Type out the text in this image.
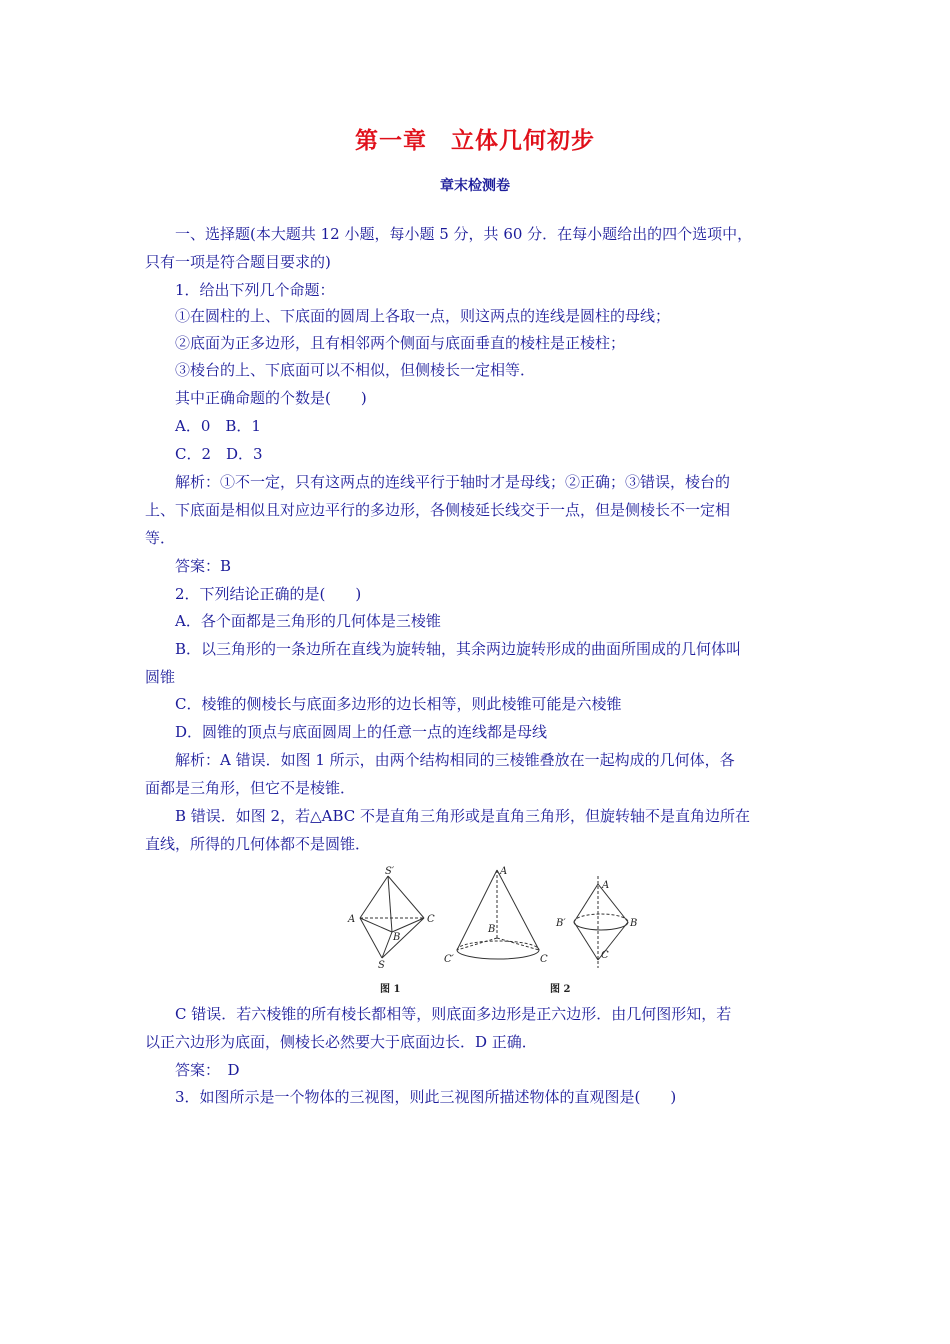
第一章　立体几何初步
章末检测卷
一、选择题(本大题共 12 小题，每小题 5 分，共 60 分．在每小题给出的四个选项中，
只有一项是符合题目要求的)
1．给出下列几个命题：
①在圆柱的上、下底面的圆周上各取一点，则这两点的连线是圆柱的母线；
②底面为正多边形，且有相邻两个侧面与底面垂直的棱柱是正棱柱；
③棱台的上、下底面可以不相似，但侧棱长一定相等．
其中正确命题的个数是(　　)
A．0　B．1
C．2　D．3
解析：①不一定，只有这两点的连线平行于轴时才是母线；②正确；③错误，棱台的
上、下底面是相似且对应边平行的多边形，各侧棱延长线交于一点，但是侧棱长不一定相
等．
答案：B
2．下列结论正确的是(　　)
A．各个面都是三角形的几何体是三棱锥
B．以三角形的一条边所在直线为旋转轴，其余两边旋转形成的曲面所围成的几何体叫
圆锥
C．棱锥的侧棱长与底面多边形的边长相等，则此棱锥可能是六棱锥
D．圆锥的顶点与底面圆周上的任意一点的连线都是母线
解析：A 错误．如图 1 所示，由两个结构相同的三棱锥叠放在一起构成的几何体，各
面都是三角形，但它不是棱锥．
B 错误．如图 2，若△ABC 不是直角三角形或是直角三角形，但旋转轴不是直角边所在
直线，所得的几何体都不是圆锥．
S′
A	C
B
S
图 1
A
B
C′	C
A
B′	B
C
图 2
C 错误．若六棱锥的所有棱长都相等，则底面多边形是正六边形．由几何图形知，若
以正六边形为底面，侧棱长必然要大于底面边长．D 正确．
答案：　D
3．如图所示是一个物体的三视图，则此三视图所描述物体的直观图是(　　)
